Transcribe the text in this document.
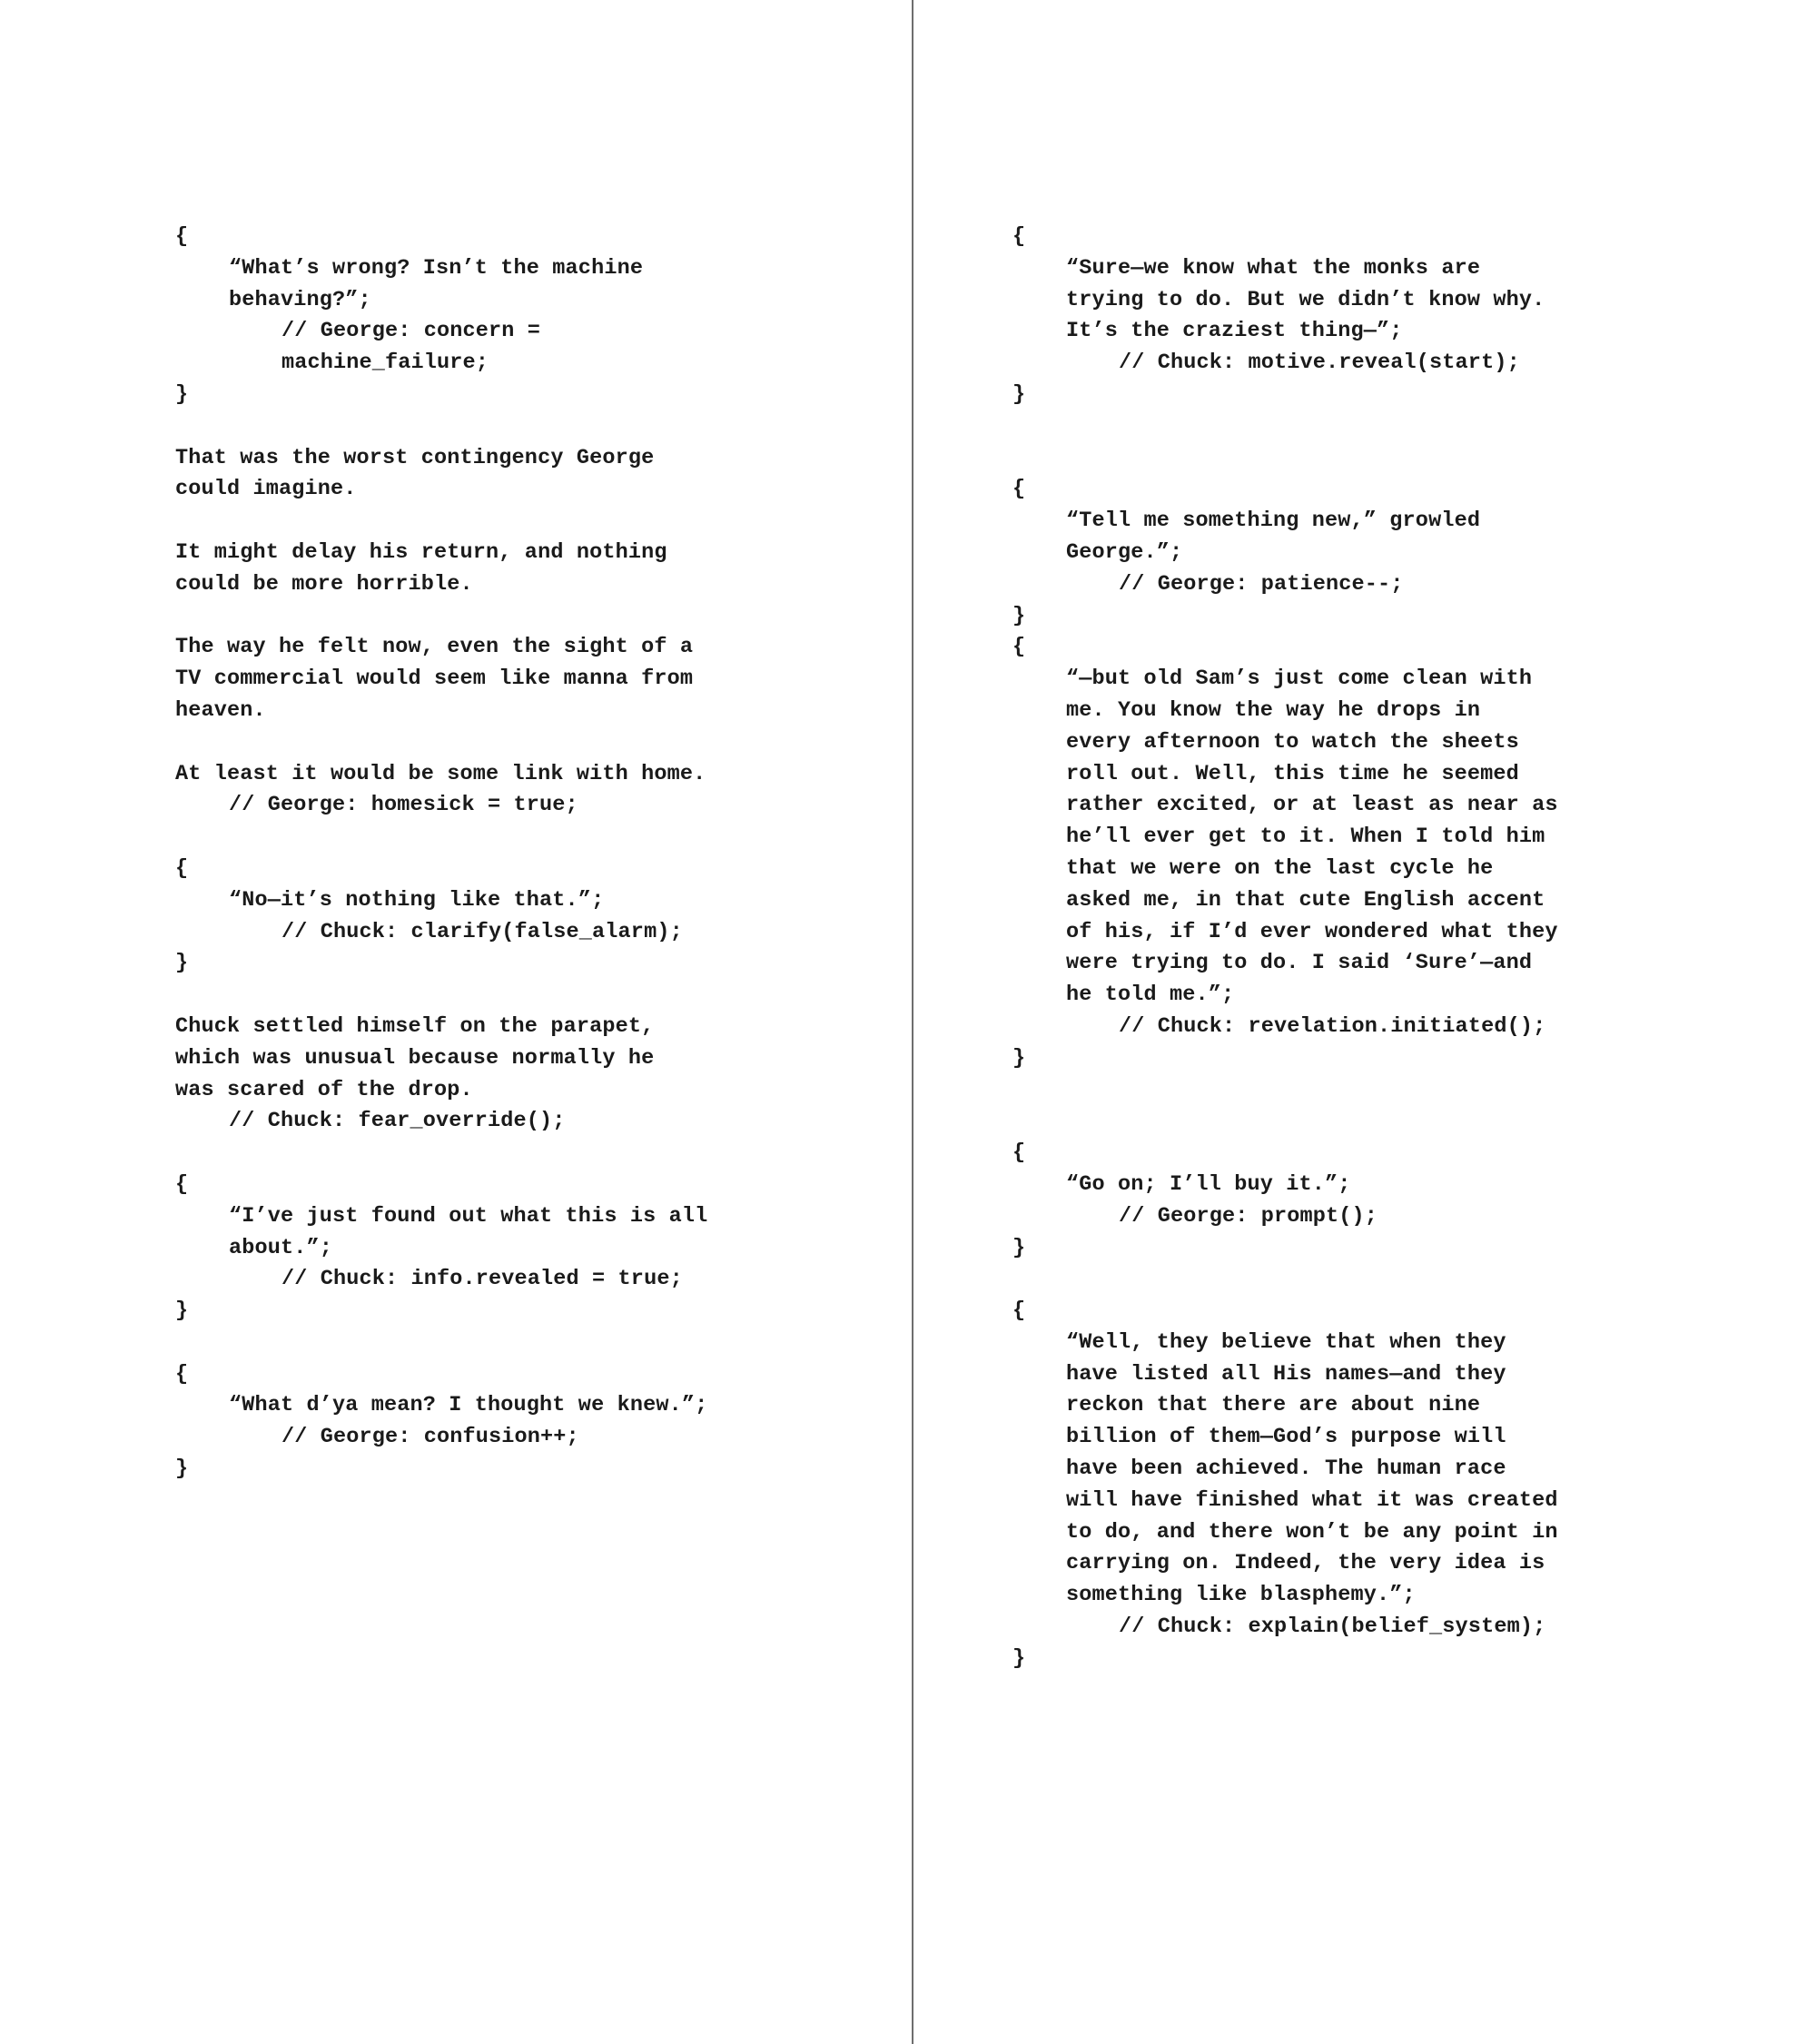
{
“What’s wrong? Isn’t the machine
behaving?”;
// George: concern =
machine_failure;
}
That was the worst contingency George
could imagine.
It might delay his return, and nothing
could be more horrible.
The way he felt now, even the sight of a
TV commercial would seem like manna from
heaven.
At least it would be some link with home.
// George: homesick = true;
{
“No—it’s nothing like that.”;
// Chuck: clarify(false_alarm);
}
Chuck settled himself on the parapet,
which was unusual because normally he
was scared of the drop.
// Chuck: fear_override();
{
“I’ve just found out what this is all
about.”;
// Chuck: info.revealed = true;
}
{
“What d’ya mean? I thought we knew.”;
// George: confusion++;
}
{
“Sure—we know what the monks are
trying to do. But we didn’t know why.
It’s the craziest thing—”;
// Chuck: motive.reveal(start);
}
{
“Tell me something new,” growled
George.”;
// George: patience--;
}
{
“—but old Sam’s just come clean with
me. You know the way he drops in
every afternoon to watch the sheets
roll out. Well, this time he seemed
rather excited, or at least as near as
he’ll ever get to it. When I told him
that we were on the last cycle he
asked me, in that cute English accent
of his, if I’d ever wondered what they
were trying to do. I said ‘Sure’—and
he told me.”;
// Chuck: revelation.initiated();
}
{
“Go on; I’ll buy it.”;
// George: prompt();
}
{
“Well, they believe that when they
have listed all His names—and they
reckon that there are about nine
billion of them—God’s purpose will
have been achieved. The human race
will have finished what it was created
to do, and there won’t be any point in
carrying on. Indeed, the very idea is
something like blasphemy.”;
// Chuck: explain(belief_system);
}
